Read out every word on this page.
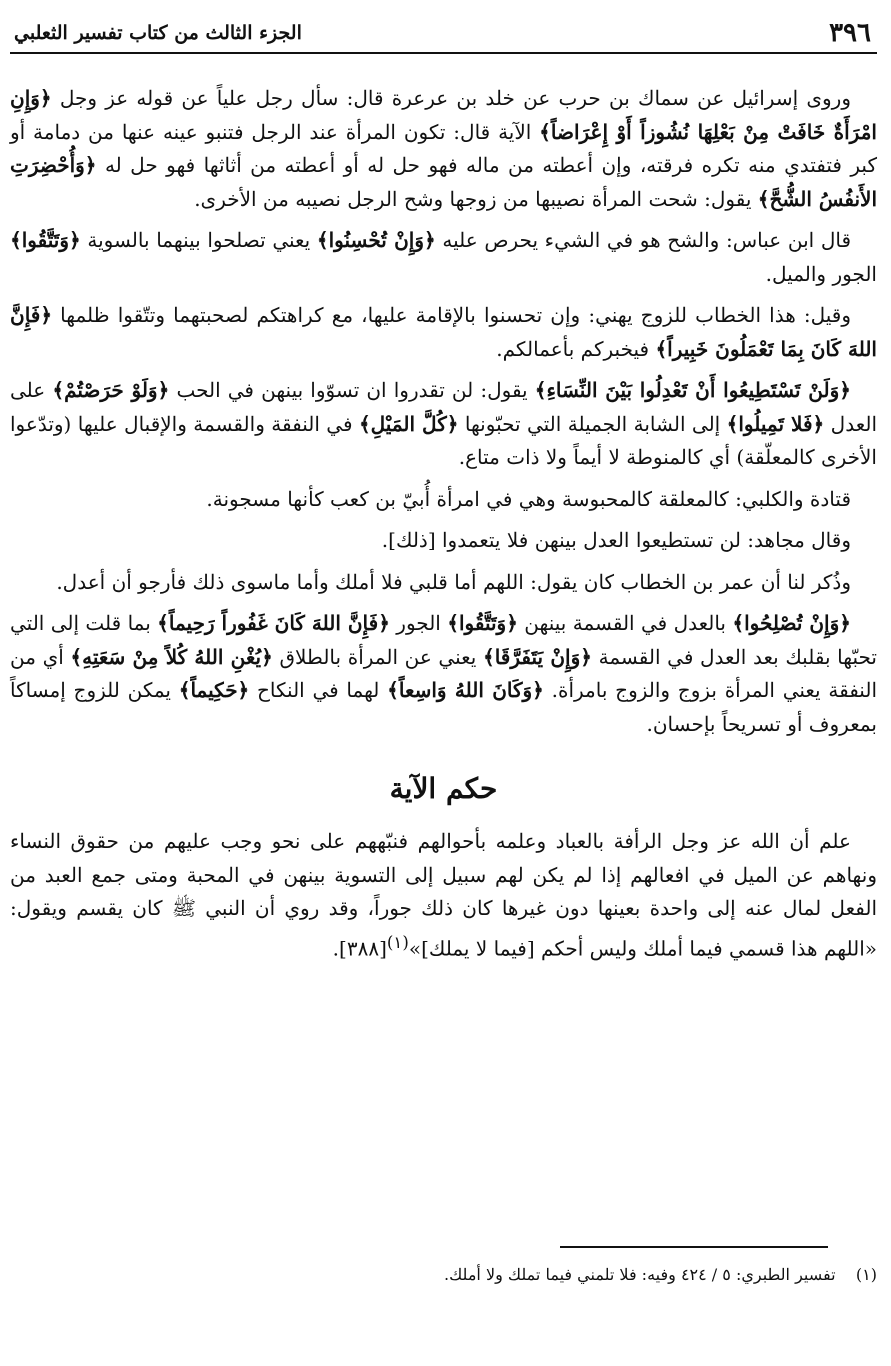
٣٩٦
الجزء الثالث من كتاب تفسير الثعلبي

وروى إسرائيل عن سماك بن حرب عن خلد بن عرعرة قال: سأل رجل علياً عن قوله عز وجل ﴿وَإِنِ امْرَأَةٌ خَافَتْ مِنْ بَعْلِهَا نُشُوزاً أَوْ إِعْرَاضاً﴾ الآية قال: تكون المرأة عند الرجل فتنبو عينه عنها من دمامة أو كبر فتفتدي منه تكره فرقته، وإن أعطته من ماله فهو حل له أو أعطته من أثاثها فهو حل له ﴿وَأُحْضِرَتِ الأَنفُسُ الشُّحَّ﴾ يقول: شحت المرأة نصيبها من زوجها وشح الرجل نصيبه من الأخرى.

قال ابن عباس: والشح هو في الشيء يحرص عليه ﴿وَإِنْ تُحْسِنُوا﴾ يعني تصلحوا بينهما بالسوية ﴿وَتَتَّقُوا﴾ الجور والميل.

وقيل: هذا الخطاب للزوج يهني: وإن تحسنوا بالإقامة عليها، مع كراهتكم لصحبتهما وتتّقوا ظلمها ﴿فَإِنَّ اللهَ كَانَ بِمَا تَعْمَلُونَ خَبِيراً﴾ فيخبركم بأعمالكم.

﴿وَلَنْ تَسْتَطِيعُوا أَنْ تَعْدِلُوا بَيْنَ النِّسَاءِ﴾ يقول: لن تقدروا ان تسوّوا بينهن في الحب ﴿وَلَوْ حَرَصْتُمْ﴾ على العدل ﴿فَلا تَمِيلُوا﴾ إلى الشابة الجميلة التي تحبّونها ﴿كُلَّ المَيْلِ﴾ في النفقة والقسمة والإقبال عليها (وتدّعوا الأخرى كالمعلّقة) أي كالمنوطة لا أيماً ولا ذات متاع.

قتادة والكلبي: كالمعلقة كالمحبوسة وهي في امرأة أُبيّ بن كعب كأنها مسجونة.

وقال مجاهد: لن تستطيعوا العدل بينهن فلا يتعمدوا [ذلك].

وذُكر لنا أن عمر بن الخطاب كان يقول: اللهم أما قلبي فلا أملك وأما ماسوى ذلك فأرجو أن أعدل.

﴿وَإِنْ تُصْلِحُوا﴾ بالعدل في القسمة بينهن ﴿وَتَتَّقُوا﴾ الجور ﴿فَإِنَّ اللهَ كَانَ غَفُوراً رَحِيماً﴾ بما قلت إلى التي تحبّها بقلبك بعد العدل في القسمة ﴿وَإِنْ يَتَفَرَّقَا﴾ يعني عن المرأة بالطلاق ﴿يُغْنِ اللهُ كُلاً مِنْ سَعَتِهِ﴾ أي من النفقة يعني المرأة بزوج والزوج بامرأة. ﴿وَكَانَ اللهُ وَاسِعاً﴾ لهما في النكاح ﴿حَكِيماً﴾ يمكن للزوج إمساكاً بمعروف أو تسريحاً بإحسان.

حكم الآية

علم أن الله عز وجل الرأفة بالعباد وعلمه بأحوالهم فنبّههم على نحو وجب عليهم من حقوق النساء ونهاهم عن الميل في افعالهم إذا لم يكن لهم سبيل إلى التسوية بينهن في المحبة ومتى جمع العبد من الفعل لمال عنه إلى واحدة بعينها دون غيرها كان ذلك جوراً، وقد روي أن النبي ﷺ كان يقسم ويقول: «اللهم هذا قسمي فيما أملك وليس أحكم [فيما لا يملك]»$^{(١)}$[٣٨٨].

(١)    تفسير الطبري: ٥ / ٤٢٤ وفيه: فلا تلمني فيما تملك ولا أملك.
